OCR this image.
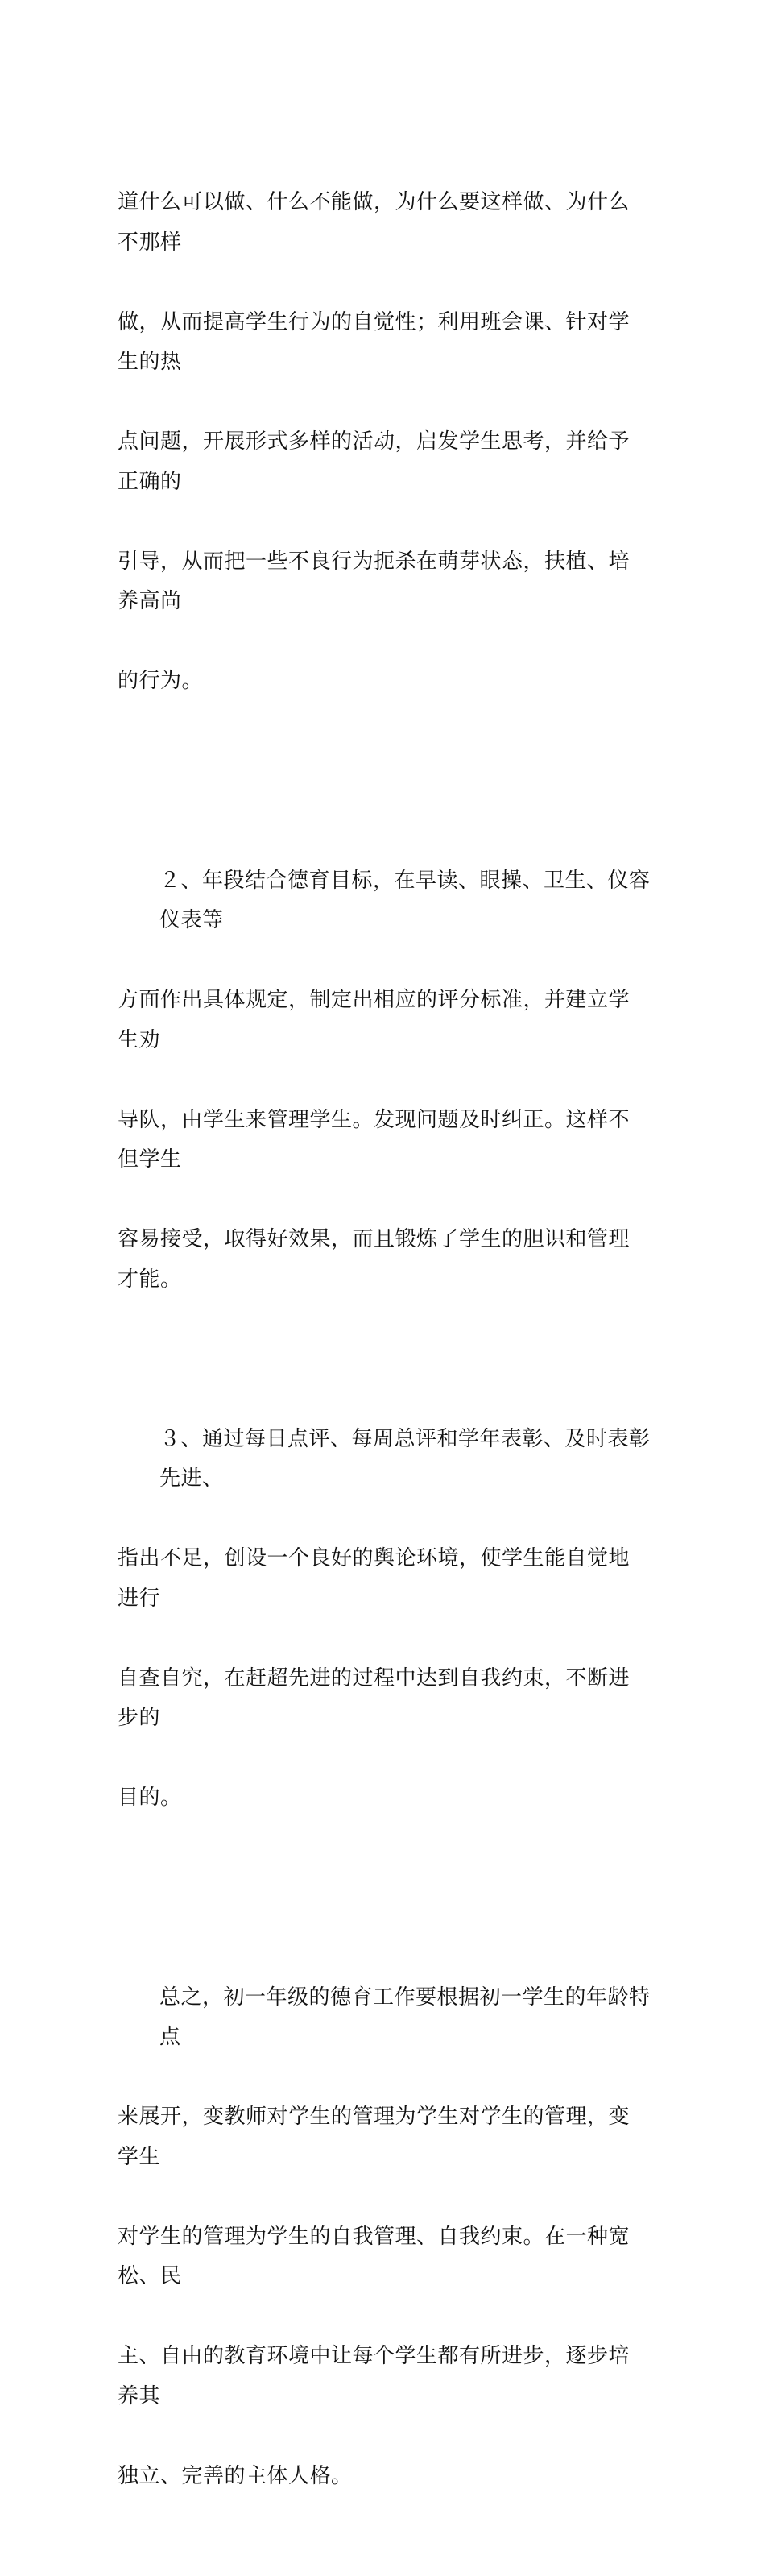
道什么可以做、什么不能做，为什么要这样做、为什么不那样

做，从而提高学生行为的自觉性；利用班会课、针对学生的热

点问题，开展形式多样的活动，启发学生思考，并给予正确的

引导，从而把一些不良行为扼杀在萌芽状态，扶植、培养高尚

的行为。

２、年段结合德育目标，在早读、眼操、卫生、仪容仪表等

方面作出具体规定，制定出相应的评分标准，并建立学生劝

导队，由学生来管理学生。发现问题及时纠正。这样不但学生

容易接受，取得好效果，而且锻炼了学生的胆识和管理才能。

３、通过每日点评、每周总评和学年表彰、及时表彰先进、

指出不足，创设一个良好的舆论环境，使学生能自觉地进行

自查自究，在赶超先进的过程中达到自我约束，不断进步的

目的。

总之，初一年级的德育工作要根据初一学生的年龄特点

来展开，变教师对学生的管理为学生对学生的管理，变学生

对学生的管理为学生的自我管理、自我约束。在一种宽松、民

主、自由的教育环境中让每个学生都有所进步，逐步培养其

独立、完善的主体人格。
